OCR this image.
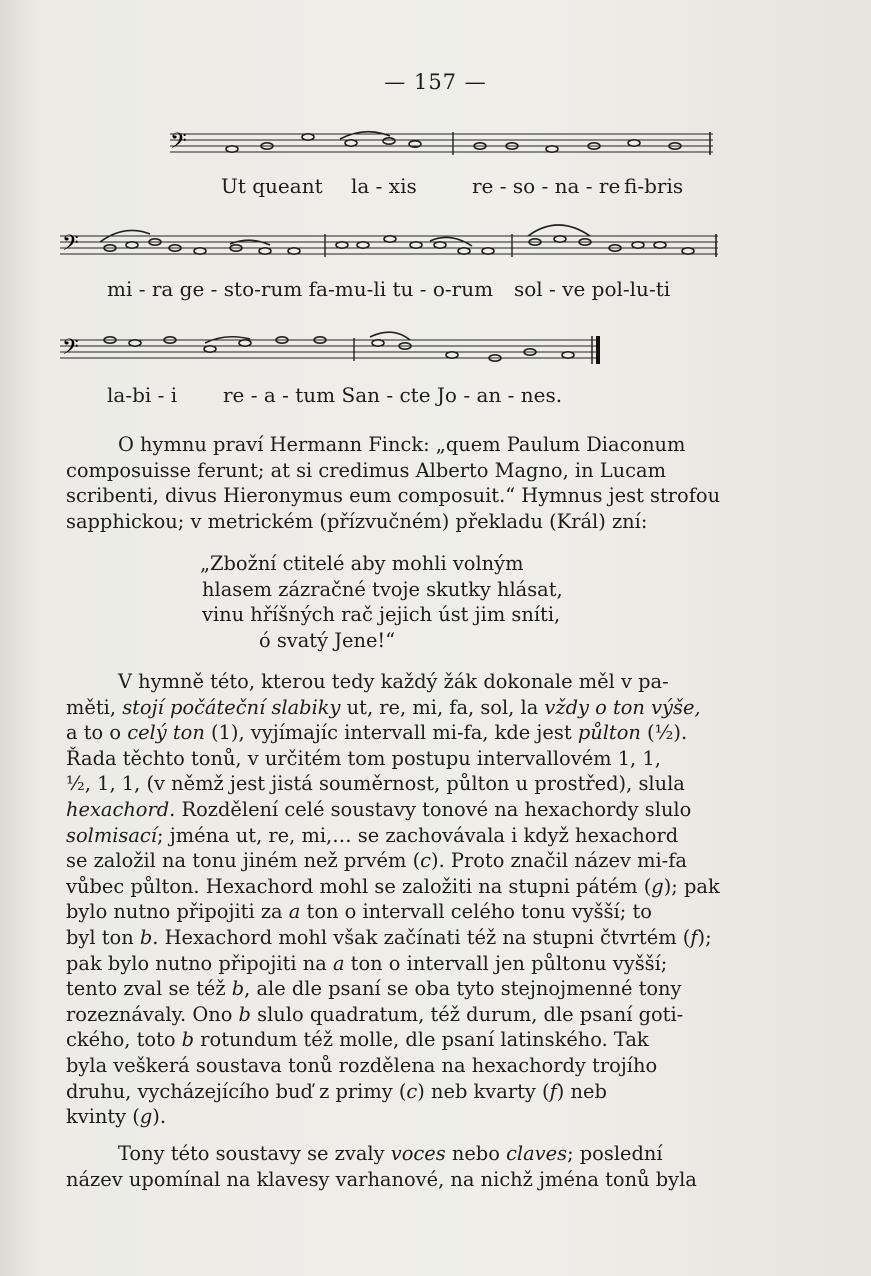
— 157 —
𝄢
Ut queant la - xis	re - so - na - re fi-bris
𝄢
mi - ra ge - sto-rum fa-mu-li tu - o-rum sol - ve pol-lu-ti
𝄢
la-bi - i re - a - tum San - cte Jo - an - nes.
O hymnu praví Hermann Finck: „quem Paulum Diaconum
composuisse ferunt; at si credimus Alberto Magno, in Lucam
scribenti, divus Hieronymus eum composuit.“ Hymnus jest strofou
sapphickou; v metrickém (přízvučném) překladu (Král) zní:
„Zbožní ctitelé aby mohli volným
hlasem zázračné tvoje skutky hlásat,
vinu hříšných rač jejich úst jim sníti,
ó svatý Jene!“
V hymně této, kterou tedy každý žák dokonale měl v pa-
měti, stojí počáteční slabiky ut, re, mi, fa, sol, la vždy o ton výše,
a to o celý ton (1), vyjímajíc intervall mi-fa, kde jest půlton (½).
Řada těchto tonů, v určitém tom postupu intervallovém 1, 1,
½, 1, 1, (v němž jest jistá souměrnost, půlton u prostřed), slula
hexachord. Rozdělení celé soustavy tonové na hexachordy slulo
solmisací; jména ut, re, mi,… se zachovávala i když hexachord
se založil na tonu jiném než prvém (c). Proto značil název mi-fa
vůbec půlton. Hexachord mohl se založiti na stupni pátém (g); pak
bylo nutno připojiti za a ton o intervall celého tonu vyšší; to
byl ton b. Hexachord mohl však začínati též na stupni čtvrtém (f);
pak bylo nutno připojiti na a ton o intervall jen půltonu vyšší;
tento zval se též b, ale dle psaní se oba tyto stejnojmenné tony
rozeznávaly. Ono b slulo quadratum, též durum, dle psaní goti-
ckého, toto b rotundum též molle, dle psaní latinského. Tak
byla veškerá soustava tonů rozdělena na hexachordy trojího
druhu, vycházejícího buď z primy (c) neb kvarty (f) neb
kvinty (g).
Tony této soustavy se zvaly voces nebo claves; poslední
název upomínal na klavesy varhanové, na nichž jména tonů byla
